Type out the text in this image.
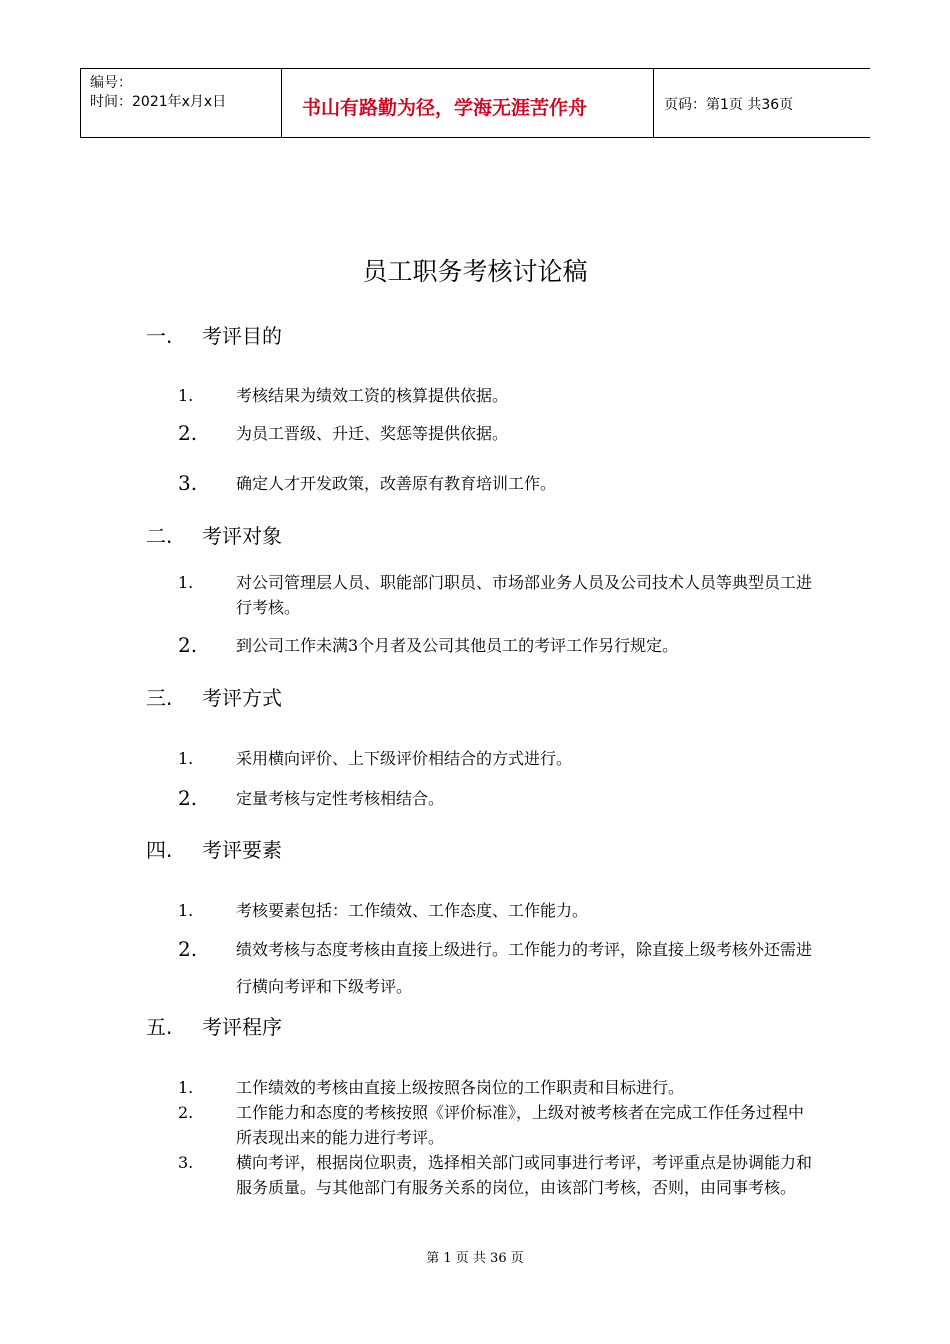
编号：
时间：2021年x月x日	书山有路勤为径，学海无涯苦作舟	页码：第1页 共36页
员工职务考核讨论稿
一. 考评目的
1.	考核结果为绩效工资的核算提供依据。
2. 为员工晋级、升迁、奖惩等提供依据。
3. 确定人才开发政策，改善原有教育培训工作。
二. 考评对象
1.	对公司管理层人员、职能部门职员、市场部业务人员及公司技术人员等典型员工进行考核。
2. 到公司工作未满3个月者及公司其他员工的考评工作另行规定。
三. 考评方式
1.	采用横向评价、上下级评价相结合的方式进行。
2. 定量考核与定性考核相结合。
四. 考评要素
1.	考核要素包括：工作绩效、工作态度、工作能力。
2. 绩效考核与态度考核由直接上级进行。工作能力的考评，除直接上级考核外还需进行横向考评和下级考评。
五. 考评程序
1.	工作绩效的考核由直接上级按照各岗位的工作职责和目标进行。
2.	工作能力和态度的考核按照《评价标准》，上级对被考核者在完成工作任务过程中所表现出来的能力进行考评。
3.	横向考评，根据岗位职责，选择相关部门或同事进行考评，考评重点是协调能力和服务质量。与其他部门有服务关系的岗位，由该部门考核，否则，由同事考核。
第 1 页 共 36 页
